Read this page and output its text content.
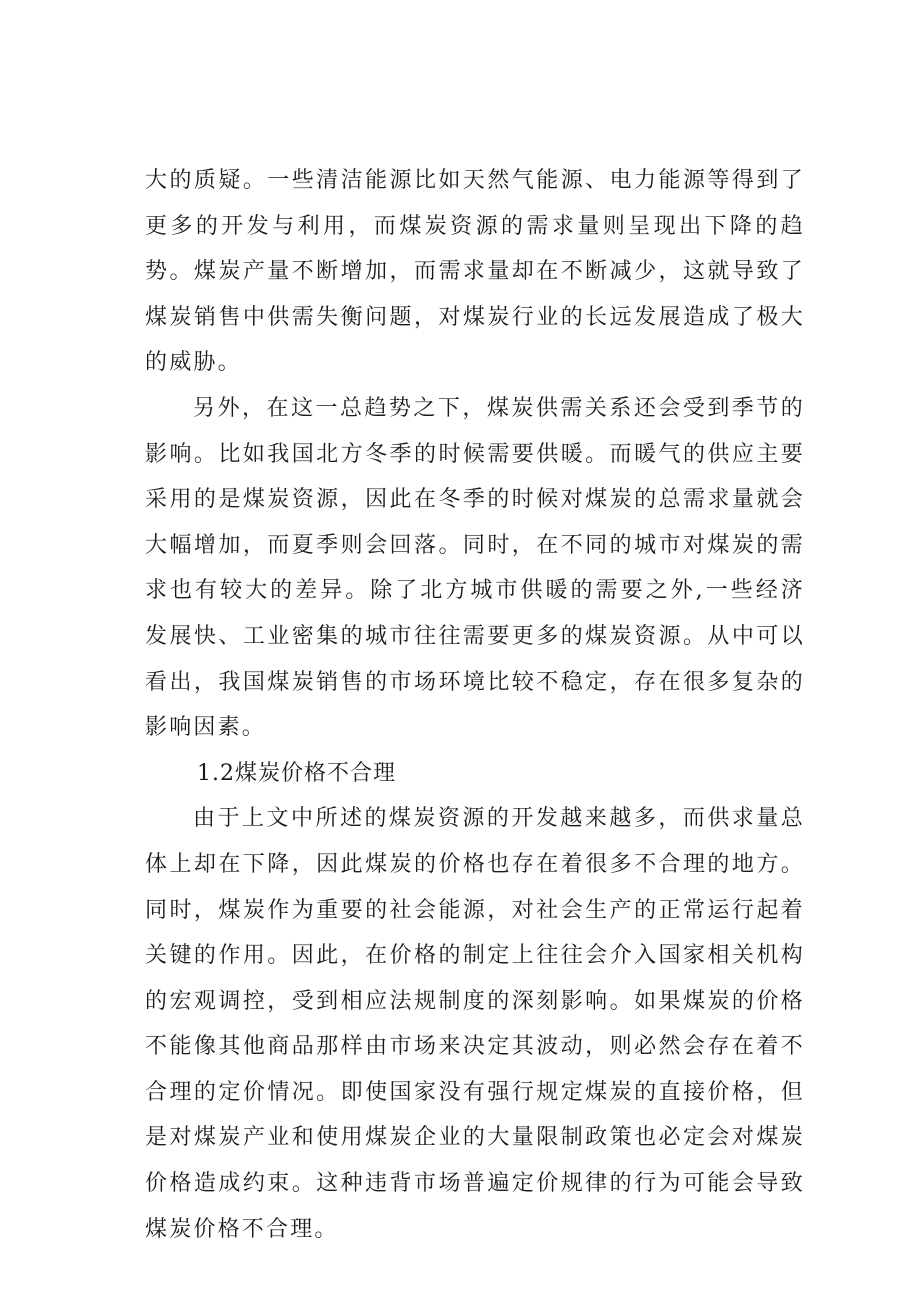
大的质疑。一些清洁能源比如天然气能源、电力能源等得到了更多的开发与利用，而煤炭资源的需求量则呈现出下降的趋势。煤炭产量不断增加，而需求量却在不断减少，这就导致了煤炭销售中供需失衡问题，对煤炭行业的长远发展造成了极大的威胁。

另外，在这一总趋势之下，煤炭供需关系还会受到季节的影响。比如我国北方冬季的时候需要供暖。而暖气的供应主要采用的是煤炭资源，因此在冬季的时候对煤炭的总需求量就会大幅增加，而夏季则会回落。同时，在不同的城市对煤炭的需求也有较大的差异。除了北方城市供暖的需要之外,一些经济发展快、工业密集的城市往往需要更多的煤炭资源。从中可以看出，我国煤炭销售的市场环境比较不稳定，存在很多复杂的影响因素。

1.2煤炭价格不合理

由于上文中所述的煤炭资源的开发越来越多，而供求量总体上却在下降，因此煤炭的价格也存在着很多不合理的地方。同时，煤炭作为重要的社会能源，对社会生产的正常运行起着关键的作用。因此，在价格的制定上往往会介入国家相关机构的宏观调控，受到相应法规制度的深刻影响。如果煤炭的价格不能像其他商品那样由市场来决定其波动，则必然会存在着不合理的定价情况。即使国家没有强行规定煤炭的直接价格，但是对煤炭产业和使用煤炭企业的大量限制政策也必定会对煤炭价格造成约束。这种违背市场普遍定价规律的行为可能会导致煤炭价格不合理。
